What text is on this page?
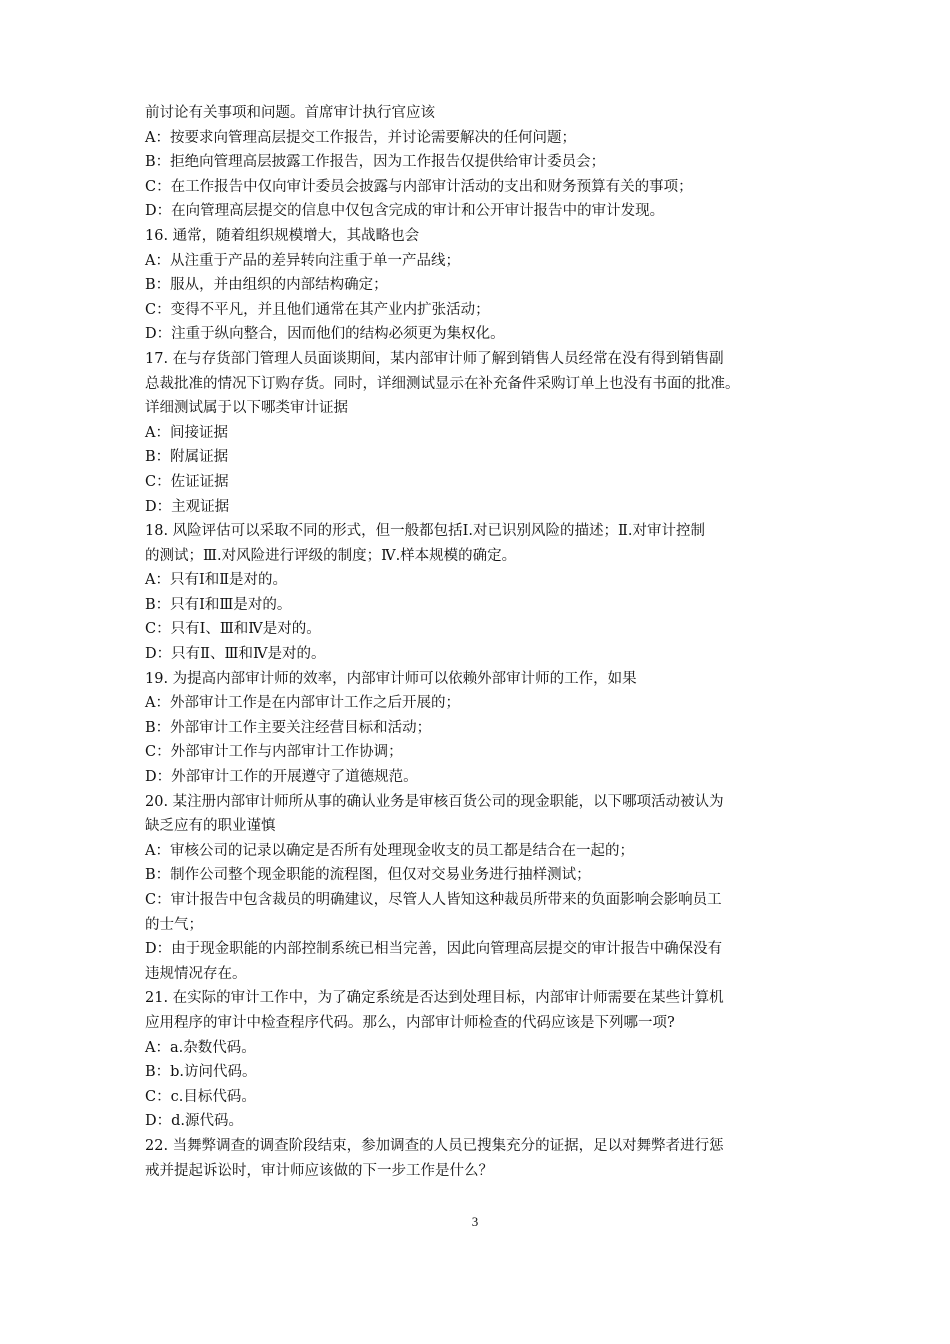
前讨论有关事项和问题。首席审计执行官应该
A：按要求向管理高层提交工作报告，并讨论需要解决的任何问题；
B：拒绝向管理高层披露工作报告，因为工作报告仅提供给审计委员会；
C：在工作报告中仅向审计委员会披露与内部审计活动的支出和财务预算有关的事项；
D：在向管理高层提交的信息中仅包含完成的审计和公开审计报告中的审计发现。
16. 通常，随着组织规模增大，其战略也会
A：从注重于产品的差异转向注重于单一产品线；
B：服从，并由组织的内部结构确定；
C：变得不平凡，并且他们通常在其产业内扩张活动；
D：注重于纵向整合，因而他们的结构必须更为集权化。
17. 在与存货部门管理人员面谈期间，某内部审计师了解到销售人员经常在没有得到销售副
总裁批准的情况下订购存货。同时，详细测试显示在补充备件采购订单上也没有书面的批准。
详细测试属于以下哪类审计证据
A：间接证据
B：附属证据
C：佐证证据
D：主观证据
18. 风险评估可以采取不同的形式，但一般都包括Ⅰ.对已识别风险的描述；Ⅱ.对审计控制
的测试；Ⅲ.对风险进行评级的制度；Ⅳ.样本规模的确定。
A：只有Ⅰ和Ⅱ是对的。
B：只有Ⅰ和Ⅲ是对的。
C：只有Ⅰ、Ⅲ和Ⅳ是对的。
D：只有Ⅱ、Ⅲ和Ⅳ是对的。
19. 为提高内部审计师的效率，内部审计师可以依赖外部审计师的工作，如果
A：外部审计工作是在内部审计工作之后开展的；
B：外部审计工作主要关注经营目标和活动；
C：外部审计工作与内部审计工作协调；
D：外部审计工作的开展遵守了道德规范。
20. 某注册内部审计师所从事的确认业务是审核百货公司的现金职能，以下哪项活动被认为
缺乏应有的职业谨慎
A：审核公司的记录以确定是否所有处理现金收支的员工都是结合在一起的；
B：制作公司整个现金职能的流程图，但仅对交易业务进行抽样测试；
C：审计报告中包含裁员的明确建议，尽管人人皆知这种裁员所带来的负面影响会影响员工
的士气；
D：由于现金职能的内部控制系统已相当完善，因此向管理高层提交的审计报告中确保没有
违规情况存在。
21. 在实际的审计工作中，为了确定系统是否达到处理目标，内部审计师需要在某些计算机
应用程序的审计中检查程序代码。那么，内部审计师检查的代码应该是下列哪一项?
A：a.杂数代码。
B：b.访问代码。
C：c.目标代码。
D：d.源代码。
22. 当舞弊调查的调查阶段结束，参加调查的人员已搜集充分的证据，足以对舞弊者进行惩
戒并提起诉讼时，审计师应该做的下一步工作是什么？
3
